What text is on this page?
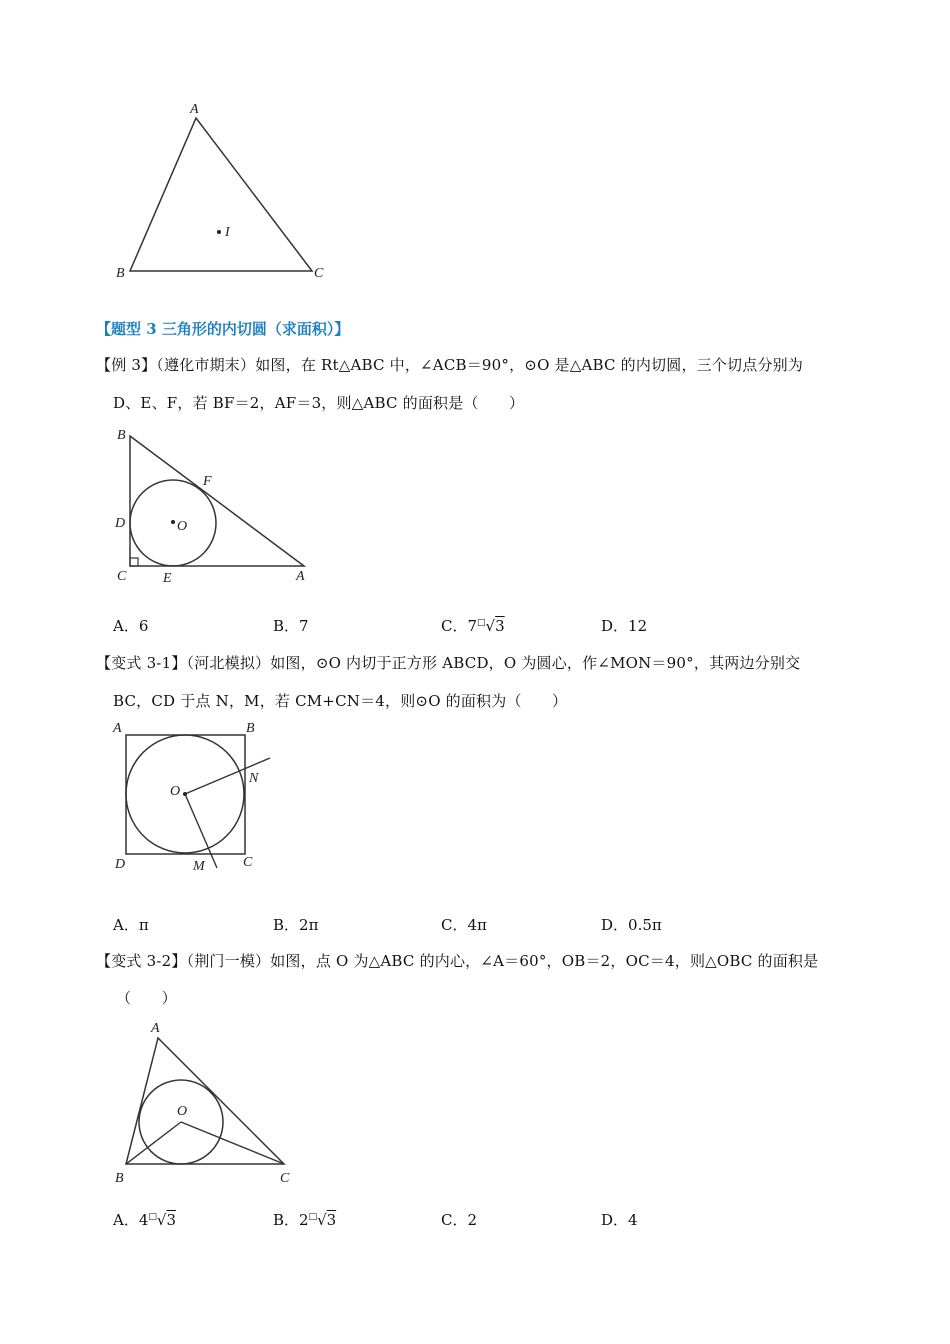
A
B	C
I
【题型 3 三角形的内切圆（求面积）】
【例 3】（遵化市期末）如图，在 Rt△ABC 中，∠ACB＝90°，⊙O 是△ABC 的内切圆，三个切点分别为
D、E、F，若 BF＝2，AF＝3，则△ABC 的面积是（　　）
B
F
D	O
C	E	A
A．6	B．7	C．7□√3	D．12
【变式 3-1】（河北模拟）如图，⊙O 内切于正方形 ABCD，O 为圆心，作∠MON＝90°，其两边分别交
BC，CD 于点 N，M，若 CM+CN＝4，则⊙O 的面积为（　　）
A	B
N
O
D	M	C
A．π	B．2π	C．4π	D．0.5π
【变式 3-2】（荆门一模）如图，点 O 为△ABC 的内心，∠A＝60°，OB＝2，OC＝4，则△OBC 的面积是
（　　）
A
O
B	C
A．4□√3	B．2□√3	C．2	D．4
